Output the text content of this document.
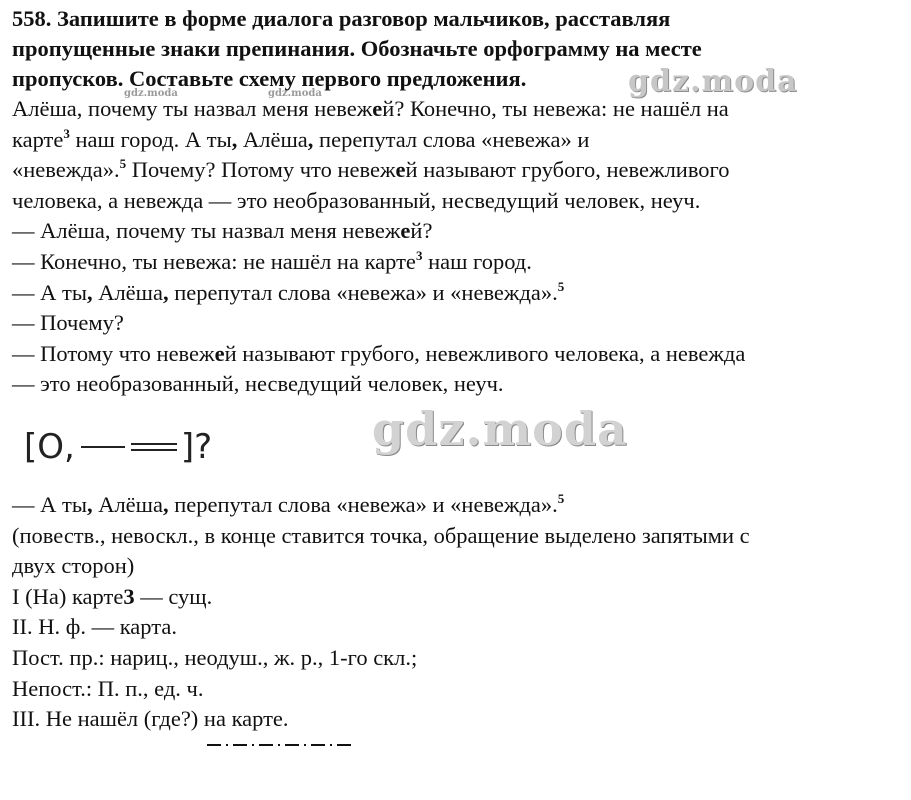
558. Запишите в форме диалога разговор мальчиков, расставляя

пропущенные знаки препинания. Обозначьте орфограмму на месте

пропусков. Составьте схему первого предложения.

Алёша, почему ты назвал меня невежей? Конечно, ты невежа: не нашёл на

карте$^3$ наш город. А ты, Алёша, перепутал слова «невежа» и

«невежда».$^5$ Почему? Потому что невежей называют грубого, невежливого

человека, а невежда — это необразованный, несведущий человек, неуч.

— Алёша, почему ты назвал меня невежей?

— Конечно, ты невежа: не нашёл на карте$^3$ наш город.

— А ты, Алёша, перепутал слова «невежа» и «невежда».$^5$

— Почему?

— Потому что невежей называют грубого, невежливого человека, а невежда

— это необразованный, несведущий человек, неуч.

— А ты, Алёша, перепутал слова «невежа» и «невежда».$^5$

(повеств., невоскл., в конце ставится точка, обращение выделено запятыми с

двух сторон)

I (На) карте3 — сущ.

II. Н. ф. — карта.

Пост. пр.: нариц., неодуш., ж. р., 1-го скл.;

Непост.: П. п., ед. ч.

III. Не нашёл (где?) на карте.

[О,	]?
gdz.moda	gdz.moda	gdz.moda
gdz.moda
